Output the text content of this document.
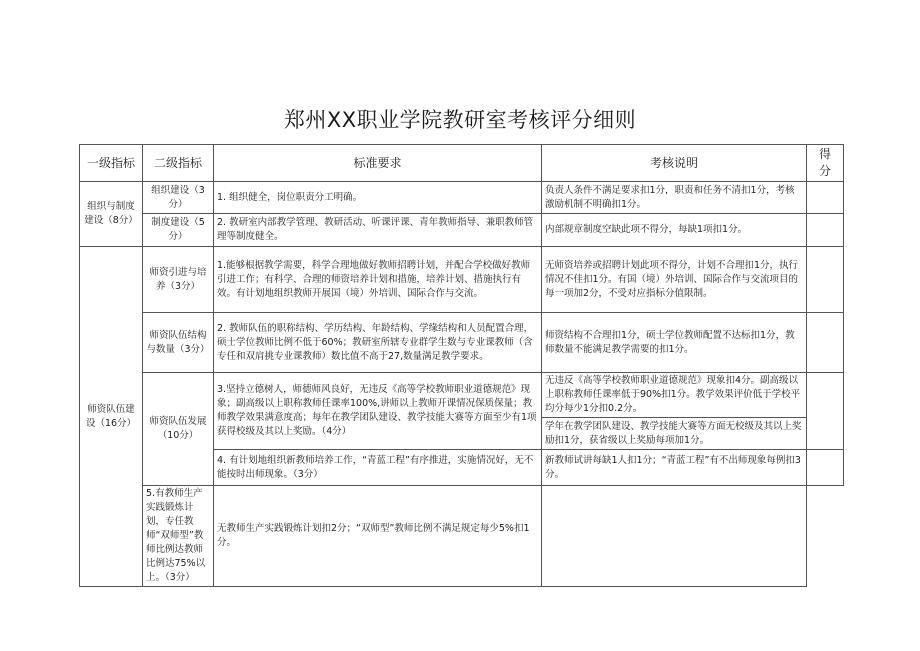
郑州XX职业学院教研室考核评分细则
一级指标	二级指标	标准要求	考核说明	得
分

组织与制度建设（8分）	组织建设（3分）	1. 组织健全，岗位职责分工明确。	负责人条件不满足要求扣1分，职责和任务不清扣1分，考核激励机制不明确扣1分。	
	制度建设（5分）	2. 教研室内部教学管理、教研活动、听课评课、青年教师指导、兼职教师管理等制度健全。	内部规章制度空缺此项不得分，每缺1项扣1分。	
师资队伍建设（16分）	师资引进与培养（3分）	1.能够根据教学需要，科学合理地做好教师招聘计划，并配合学校做好教师引进工作；有科学、合理的师资培养计划和措施，培养计划、措施执行有效。有计划地组织教师开展国（境）外培训、国际合作与交流。	无师资培养或招聘计划此项不得分，计划不合理扣1分，执行情况不佳扣1分。有国（境）外培训、国际合作与交流项目的每一项加2分，不受对应指标分值限制。	
	师资队伍结构与数量（3分）	2. 教师队伍的职称结构、学历结构、年龄结构、学缘结构和人员配置合理，硕士学位教师比例不低于60%；教研室所辖专业群学生数与专业课教师（含专任和双肩挑专业课教师）数比值不高于27,数量满足教学要求。	师资结构不合理扣1分，硕士学位教师配置不达标扣1分，教师数量不能满足教学需要的扣1分。	
	师资队伍发展（10分）	3.坚持立德树人，师德师风良好，无违反《高等学校教师职业道德规范》现象；副高级以上职称教师任课率100%,讲师以上教师开课情况保质保量；教师教学效果满意度高；每年在教学团队建设、教学技能大赛等方面至少有1项获得校级及其以上奖励。（4分）	无违反《高等学校教师职业道德规范》现象扣4分。副高级以上职称教师任课率低于90%扣1分。教学效果评价低于学校平均分每少1分扣0.2分。	
			学年在教学团队建设、教学技能大赛等方面无校级及其以上奖励扣1分，获省级以上奖励每项加1分。	
		4. 有计划地组织新教师培养工作，“青蓝工程”有序推进，实施情况好，无不能按时出师现象。（3分）	新教师试讲每缺1人扣1分；“青蓝工程”有不出师现象每例扣3分。	
	5.有教师生产实践锻炼计划，专任教师“双师型”教师比例达教师比例达75%以上。（3分）	无教师生产实践锻炼计划扣2分；“双师型”教师比例不满足规定每少5%扣1分。		
